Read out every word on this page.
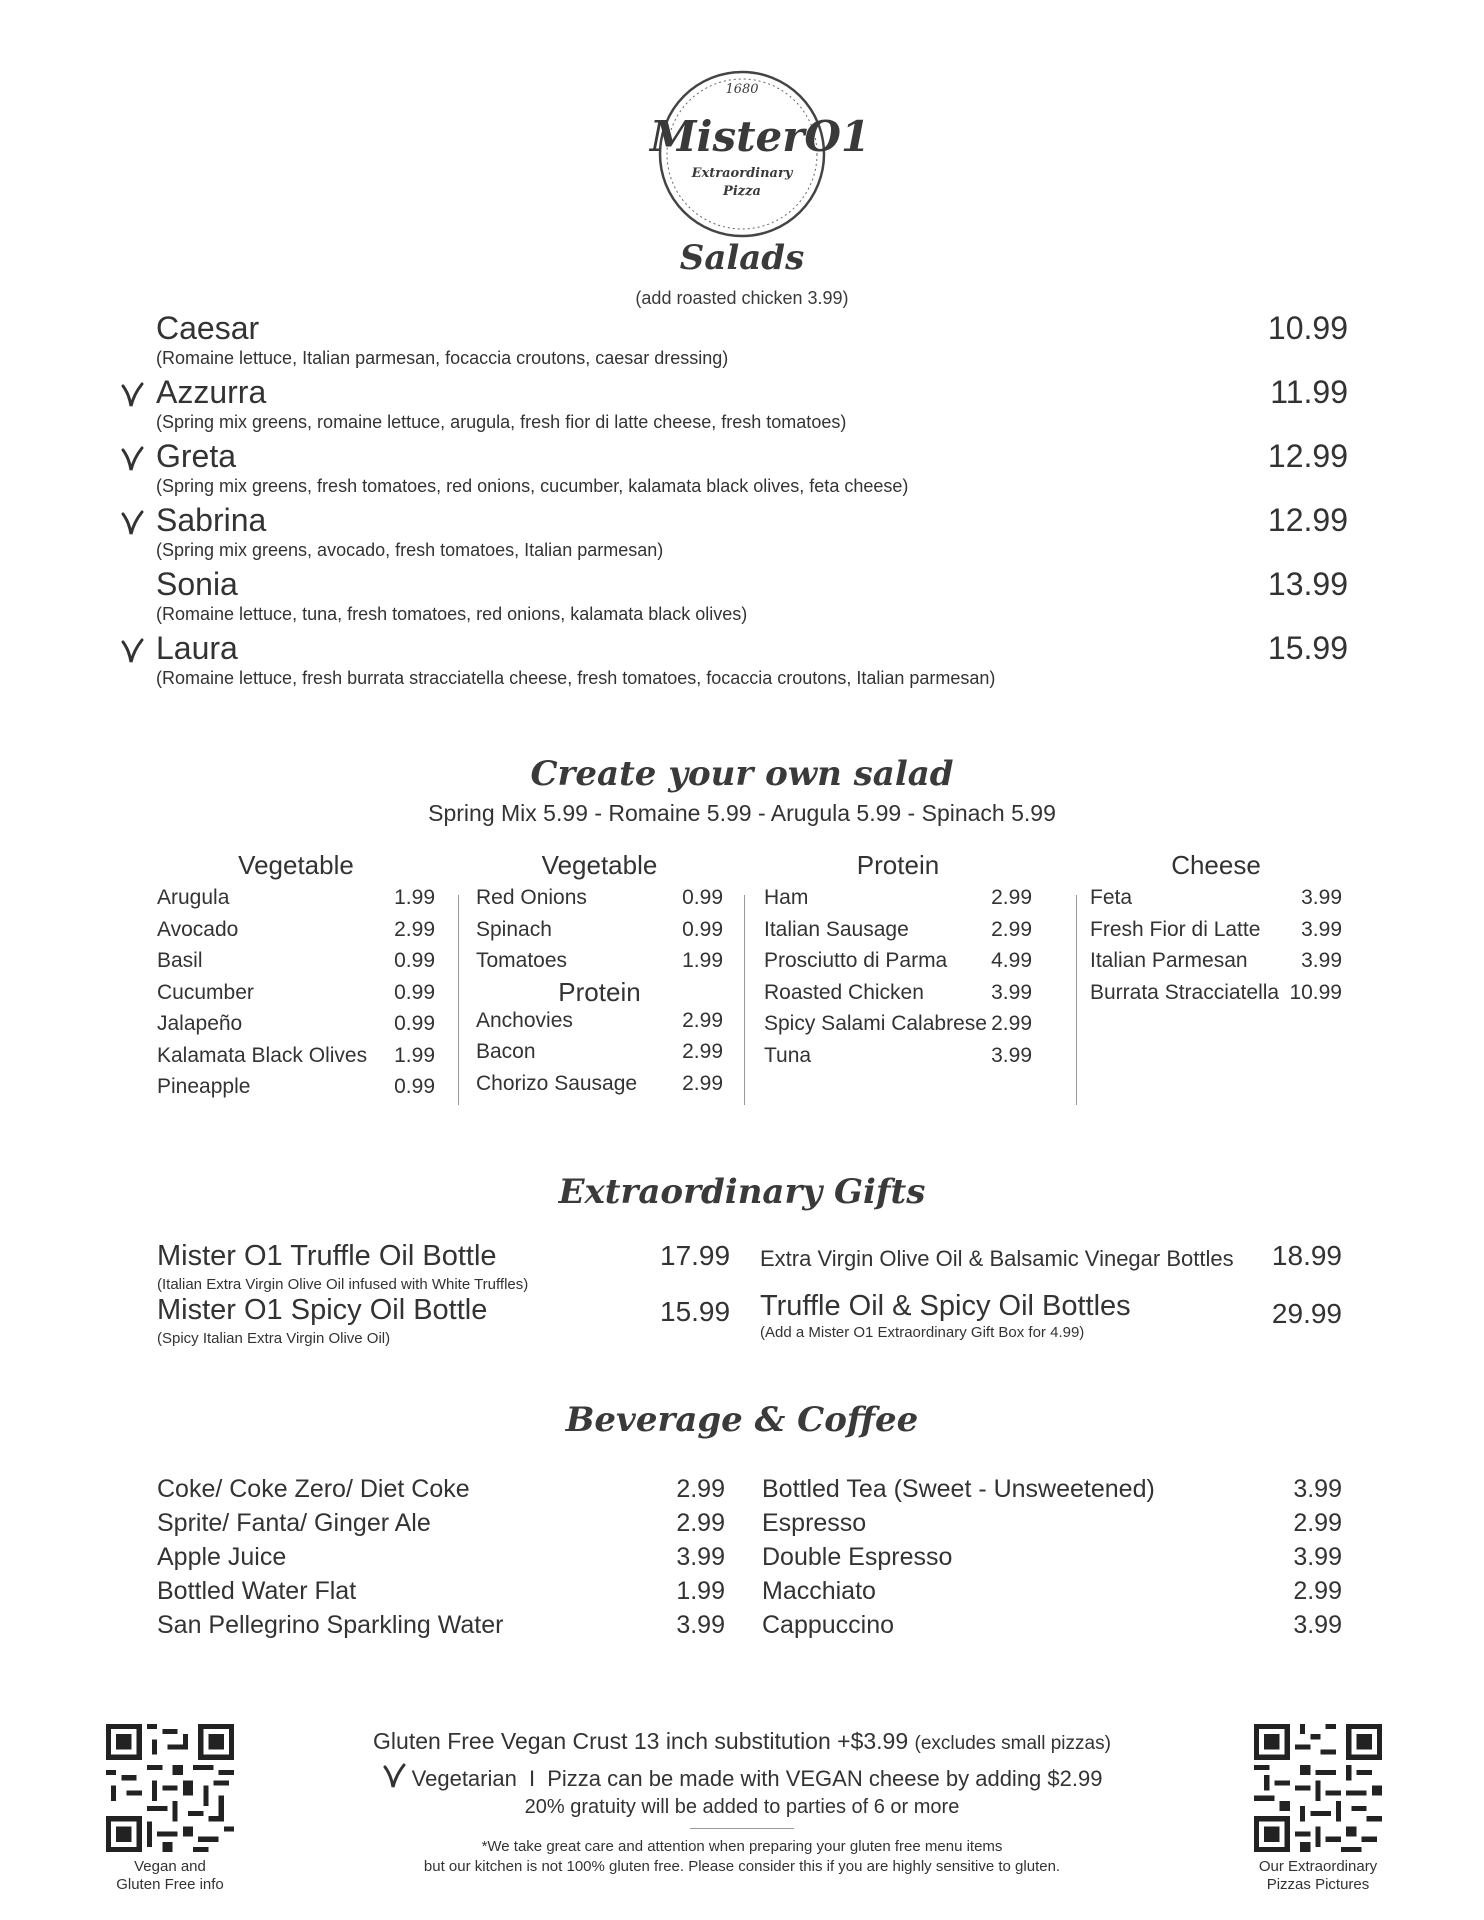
1680
MisterO1
Extraordinary
Pizza
Salads
(add roasted chicken 3.99)
Caesar
(Romaine lettuce, Italian parmesan, focaccia croutons, caesar dressing)
10.99
Azzurra
(Spring mix greens, romaine lettuce, arugula, fresh fior di latte cheese, fresh tomatoes)
11.99
Greta
(Spring mix greens, fresh tomatoes, red onions, cucumber, kalamata black olives, feta cheese)
12.99
Sabrina
(Spring mix greens, avocado, fresh tomatoes, Italian parmesan)
12.99
Sonia
(Romaine lettuce, tuna, fresh tomatoes, red onions, kalamata black olives)
13.99
Laura
(Romaine lettuce, fresh burrata stracciatella cheese, fresh tomatoes, focaccia croutons, Italian parmesan)
15.99
Create your own salad
Spring Mix 5.99 - Romaine 5.99 - Arugula 5.99 - Spinach 5.99
Vegetable
Arugula	1.99
Avocado	2.99
Basil	0.99
Cucumber	0.99
Jalapeño	0.99
Kalamata Black Olives 1.99
Pineapple	0.99
Vegetable
Red Onions	0.99
Spinach	0.99
Tomatoes	1.99
Protein
Anchovies	2.99
Bacon	2.99
Chorizo Sausage 2.99
Protein
Ham	2.99
Italian Sausage	2.99
Prosciutto di Parma 4.99
Roasted Chicken	3.99
Spicy Salami Calabrese 2.99
Tuna	3.99
Cheese
Feta	3.99
Fresh Fior di Latte 3.99
Italian Parmesan	3.99
Burrata Stracciatella 10.99
Extraordinary Gifts
Mister O1 Truffle Oil Bottle
(Italian Extra Virgin Olive Oil infused with White Truffles)
17.99
Mister O1 Spicy Oil Bottle
(Spicy Italian Extra Virgin Olive Oil)
15.99
Extra Virgin Olive Oil & Balsamic Vinegar Bottles	18.99
Truffle Oil & Spicy Oil Bottles
(Add a Mister O1 Extraordinary Gift Box for 4.99)
29.99
Beverage & Coffee
Coke/ Coke Zero/ Diet Coke	2.99
Sprite/ Fanta/ Ginger Ale	2.99
Apple Juice	3.99
Bottled Water Flat	1.99
San Pellegrino Sparkling Water	3.99
Bottled Tea (Sweet - Unsweetened)	3.99
Espresso	2.99
Double Espresso	3.99
Macchiato	2.99
Cappuccino	3.99
Gluten Free Vegan Crust 13 inch substitution +$3.99 (excludes small pizzas)
Vegetarian I Pizza can be made with VEGAN cheese by adding $2.99
20% gratuity will be added to parties of 6 or more
*We take great care and attention when preparing your gluten free menu items
but our kitchen is not 100% gluten free. Please consider this if you are highly sensitive to gluten.
Vegan and
Gluten Free info
Our Extraordinary
Pizzas Pictures
